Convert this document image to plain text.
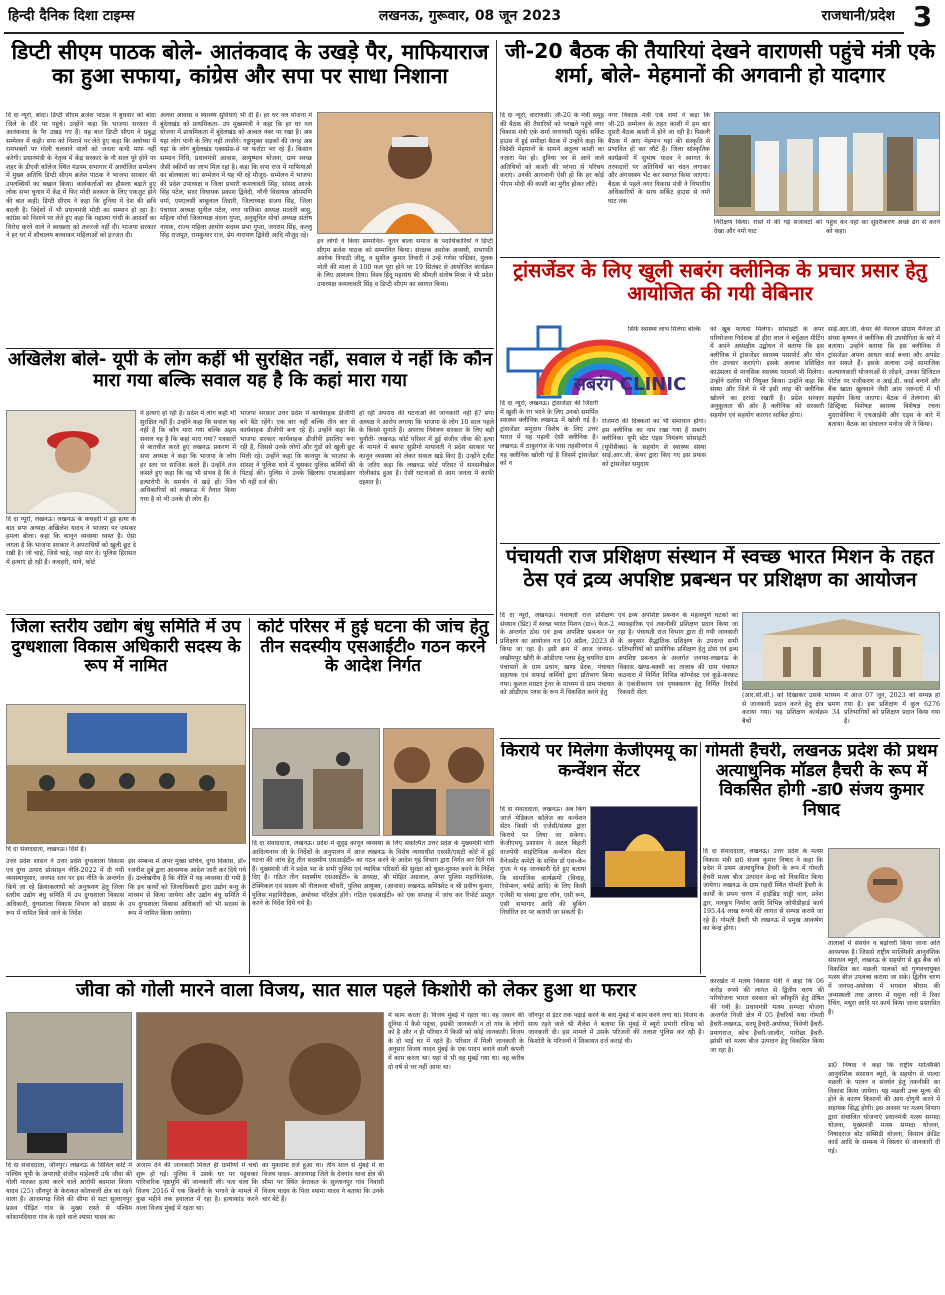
हिन्दी दैनिक दिशा टाइम्स	लखनऊ, गुरूवार, 08 जून 2023	राजधानी/प्रदेश 3
डिप्टी सीएम पाठक बोले- आतंकवाद के उखड़े पैर, माफियाराज का हुआ सफाया, कांग्रेस और सपा पर साधा निशाना
दि दा न्यूरो, बांदा। डिप्टी सीएम ब्रजेश पाठक ने बुधवार को बांदा जिले के दौरे पर पहुंचे। उन्होंने कहा कि भाजपा सरकार में आतंकवाद के पैर उखड़ गए हैं। यह बात डिप्टी सीएम ने प्रबुद्ध सम्मेलन में कही। सपा को निशाने पर लेते हुए कहा कि अयोध्या में रामभक्तों पर गोली चलवाने वालों को जनता कभी माफ नहीं करेगी। प्रधानमंत्री के नेतृत्व में केंद्र सरकार के नौ साल पूरे होने पर शहर के डीएवी कॉलेज स्थित मंडपम सभागार में आयोजित सम्मेलन में मुख्य अतिथि डिप्टी सीएम ब्रजेश पाठक ने भाजपा सरकार की उपलब्धियों का बखान किया। कार्यकर्ताओं का हौसला बढ़ाते हुए लोक सभा चुनाव में केंद्र में फिर मोदी सरकार के लिए एकजुट होने की बात कही। डिप्टी सीएम ने कहा कि दुनिया में देश की छवि बदली है। विदेशों में भी प्रधानमंत्री मोदी का सम्मान हो रहा है। कांग्रेस को निशाने पर लेते हुए कहा कि महात्मा गांधी के आदर्शों का विरोध करने वाले ने स्वच्छता को तवज्जो नहीं दी। भाजपा सरकार ने हर घर में शौचालय बनवाकर महिलाओं को इज्जत दी।
अलवा आवास व स्वास्थ्य सुविधाएं भी दी हैं। हर घर नल योजना में बुंदेलखंड को प्राथमिकता- उप मुख्यमंत्री ने कहा कि हर घर नल योजना में प्राथमिकता में बुंदेलखंड को अव्वल नंबर पर रखा है। अब यहां लोग पानी के लिए नहीं तरसेंगे। गड्ढामुक्त सड़कों की जगह अब यहां के लोग बुंदेलखंड एक्सप्रेस-वे पर फर्राटा भर रहे हैं। किसान सम्मान निधि, प्रधानमंत्री आवास, आयुष्मान योजना, ग्राम स्वच्छ जैसी स्कीमों का लाभ मिल रहा है। कहा कि सपा राज में माफियाओं का बोलबाला था। सम्मेलन में यह भी रहे मौजूद- सम्मेलन में भाजपा की प्रदेश उपाध्यक्ष व जिला प्रभारी कमलावती सिंह, सांसद आरके सिंह पटेल, सदर विधायक प्रकाश द्विवेदी, नरैनी विधायक ओममणि वर्मा, एमएलसी बाबूलाल तिवारी, जिलाध्यक्ष संजय सिंह, जिला पंचायत अध्यक्ष सुनील पटेल, नगर पालिका अध्यक्ष मालती बासु, महिला मोर्चा जिलाध्यक्ष वंदना गुप्ता, अनुसूचित मोर्चा अध्यक्ष संतोष नायक, राज्य महिला आयोग सदस्य प्रभा गुप्ता, जगराम सिंह, कल्लू सिंह राजपूत, रामकुमार राज, प्रेम नारायण द्विवेदी आदि मौजूद रहे।
इन लोगों ने किया सम्मानित- नूतन बाला समाज के पदाधिकारियों ने डिप्टी सीएम ब्रजेश पाठक को सम्मानित किया। संरक्षक अशोक अवस्थी, सभापति अशोक त्रिपाठी जीतू, व सुशील कुमार तिवारी ने उन्हें गणेश पद्मिका, पुलक मोती की माला से 100 फल पूरा होने पर 19 सितंबर से आयोजित कार्यक्रम के लिए आमंत्रण दिया। विश्व हिंदू महासंघ की श्रीमती संतोष मिश्रा ने भी प्रदेश उपाध्यक्ष कमलावती सिंह व डिप्टी सीएम का स्वागत किया।
जी-20 बैठक की तैयारियां देखने वाराणसी पहुंचे मंत्री एके शर्मा, बोले- मेहमानों की अगवानी हो यादगार
दि दा न्यूरो, वाराणसी। जी-20 के मंत्री समूह की बैठक की तैयारियों को परखने पहुंचे नगर विकास मंत्री एके शर्मा वाराणसी पहुंचे। सर्किट हाउस में हुई समीक्षा बैठक में उन्होंने कहा कि विदेशी मेहमानों के सामने अतुल्य काशी का नज़ारा पेश हो। दुनिया भर से आने वाले अतिथियों को काशी की परंपरा से परिचय कराएं। उनकी आगवानी ऐसी हो कि हर कोई पीएम मोदी की काशी का मुरीद होकर लौटे।
नगर विकास मंत्री एके शर्मा ने कहा कि जी-20 सम्मेलन के तहत काशी में हम बार दूसरी बैठक काशी में होने जा रही है। पिछली बैठक में आए मेहमान यहां की संस्कृति से प्रभावित हो कर लौटे हैं। जिला सांस्कृतिक कार्यक्रमों में सुभाष यादव ने स्वागत के तरफदारों पर अतिथियों का चंदन लगाकर और अंगवस्त्रम भेंट कर स्वागत किया जाएगा। बैठक से पहले नगर विकास मंत्री ने विभागीय अधिकारियों के साथ सर्किट हाउस से नमो घाट तक
निरीक्षण किया। रास्ते में की गई सजावटों को देखा और नमो घाट
पहुंच कर वहां का सुंदरीकरण अच्छे ढंग से करने को कहा।
ट्रांसजेंडर के लिए खुली सबरंग क्लीनिक के प्रचार प्रसार हेतु आयोजित की गयी वेबिनार
सबरंग CLINIC
सिर्फ स्वास्थ्य लाभ मिलेगा बल्कि
दि दा न्यूरो, लखनऊ। ट्रांसजेंडर की जिंदगी में खुशी के रंग भरने के लिए उनको समर्पित स्वास्थ्य क्लीनिक लखनऊ में खोली गई है। ट्रांसजेंडर समुदाय विशेष के लिए उत्तर भारत में यह पहली ऐसी क्लीनिक है। लखनऊ में ठाकुरगंज के पास तहसीनगंज में यह क्लीनिक खोली गई है जिसमें ट्रांसजेंडर को न
रोजमर्रा की दिक्कतों का भी समाधान होगा। इस क्लीनिक का नाम रखा गया है सबरंग क्लीनिक। यूपी स्टेट एड्स नियंत्रण सोसाइटी (यूपीसैक्स) के सहयोग से स्वास्थ्य संस्था साई.आर.जी. केयर द्वारा किए गए इस प्रयास को ट्रांसजेंडर समुदाय
को खूब फायदा मिलेगा। सोसाइटी के अपर परियोजना निदेशक डॉ हीरा लाल ने बर्चुअल मीटिंग में अपने अध्यक्षीय उद्बोधन में बताया कि इस क्लीनिक में ट्रांसजेंडर स्वास्थ्य पासपोर्ट और योन रोग उपचार कराएंगे। इसके अलावा प्रशिक्षित काउंसलर से मानसिक स्वास्थ्य परामर्श भी मिलेगा। उन्होंने दर्शाया भी नियुक्त किया। उन्होंने कहा कि संस्था और जिले में भी इसी तरह की क्लीनिक खोलने का इरादा रखती है। प्रदेश सरकार अनुकूलता की ओर है क्लीनिक को सरकारी सहयोग एवं सहयोग कारगर साबित होगा।
साईं.आर.जी. केयर की नेशनल प्रोग्राम मैनेजर डॉ संध्या कृष्णन ने क्लीनिक की उपयोगिता के बारे में बताया। उन्होंने बताया कि इस क्लीनिक में ट्रांसजेंडर अपना आधार कार्ड बनवा और अपडेट कर सकते हैं। इसके अलावा उन्हें सामाजिक कल्याणकारी योजनाओं से जोड़ने, उनका डिजिटल पोर्टल पर पंजीकरण व आई.डी. कार्ड बनाने और बैंक खाता खुलवाने जैसी आम जरूरतों में भी सहयोग किया जाएगा। बैठक में तेलंगाना की डिस्ट्रिक्ट विशेषज्ञ स्वास्थ्य विशेषज्ञ रचना मुदरासेविया ने एचआईवी और एड्स के बारे में बताया। बैठक का संचालन मनोज जी ने किया।
अखिलेश बोले- यूपी के लोग कहीं भी सुरक्षित नहीं, सवाल ये नहीं कि कौन मारा गया बल्कि सवाल यह है कि कहां मारा गया
दि दा न्यूरो, लखनऊ। लखनऊ के कचहरी में हुई हत्या के बाद सपा अध्यक्ष अखिलेश यादव ने भाजपा पर जमकर हमला बोला। कहा कि कानून व्यवस्था ध्वस्त है। ऐसा लगता है कि भाजपा सरकार ने अपराधियों को खुली छूट दे रखी है। जो चाहे, जिसे चाहे, जहां मार दे। पुलिस हिरासत में हत्याएं हो रही हैं। कचहरी, थाने, कोर्ट
में हत्याएं हो रही हैं। प्रदेश में लोग कहीं भी सुरक्षित नहीं हैं। उन्होंने कहा कि सवाल यह नहीं है कि कौन मारा गया बल्कि अहम सवाल यह है कि कहां मारा गया? पत्रकारों से बातचीत करते हुए लखनऊ प्रकरण में सपा अध्यक्ष ने कहा कि भाजपा के लोग हर स्तर पर साजिश करते हैं। उन्होंने तंज कसते हुए कहा कि वह भी संभव है कि वे हत्यारोपी के समर्थन में खड़े हों। जिन अधिकारियों को लखनऊ में तैनात किया गया है वो भी उनके ही लोग हैं।
भाजपा सरकार उत्तर प्रदेश में कार्यवाहक डीजीपी बने बैठे रहेंगे। एक बार नहीं बल्कि तीन बार से कार्यवाहक डीजीपी बना रहे हैं। उन्होंने कहा कि भाजपा सरकार कार्यवाहक डीजीपी इसलिए बना रही है, जिससे उनके लोगों और गुंडों को खुली छूट मिली रहे। उन्होंने कहा कि कानपुर के भाजपा के सांसद ने पुलिस थाने में घुसकर पुलिस कर्मियों की पिटाई की। पुलिस ने उनके खिलाफ एफआईआर भी नहीं दर्ज की।
हो रही अपराध की घटनाओं की जानकारी नहीं है? सपा अध्यक्ष ने आरोप लगाया कि भाजपा के लोग 10 साल पहले के किस्से सुनाते हैं। अपराध नियंत्रण सरकार के लिए बड़ी चुनौती- लखनऊ कोर्ट परिसर में हुई संजीव जीवा की हत्या के मामले में बसपा सुप्रीमो मायावती ने प्रदेश सरकार पर कानून व्यवस्था को लेकर सवाल खड़े किए हैं। उन्होंने ट्वीट के जरिए कहा कि लखनऊ कोर्ट परिसर में सनसनीखेज गोलीकांड हुआ है। ऐसी घटनाओं से आम जनता में काफी दहशत है।
जिला स्तरीय उद्योग बंधु समिति में उप दुग्धशाला विकास अधिकारी सदस्य के रूप में नामित
दि दा संवाददाता, लखनऊ। दिसे है।
उत्तर प्रदेश शासन ने उत्तर प्रदेश दुग्धशाला विकास एवं दुग्ध उत्पाद प्रोत्साहन नीति-2022 में दी गयी व्यवस्थानुसार, जनपद स्तर पर इस नीति के अन्तर्गत किये जा रहे क्रियाकलापों को अनुश्रवण हेतु जिला स्तरीय उद्योग बंधु समिति में उप दुग्धशाला विकास अधिकारी, दुग्धशाला विकास विभाग को सदस्य के रूप में नामित किये जाने के निर्देश
इस सम्बन्ध में अपर मुख्य सचिव, दुग्ध विकास, डॉ० रजनीश दुबे द्वारा आवश्यक आदेश जारी कर दिये गये हैं। उल्लेखनीय है कि नीति में यह व्यवस्था दी गयी है कि इन कार्यों को जिलाधिकारी द्वारा उद्योग बन्धु के माध्यम से किया जायेगा और उद्योग बंधु समिति में उप दुग्धशाला विकास अधिकारी को भी सदस्य के रूप में नामित किया जायेगा।
कोर्ट परिसर में हुई घटना की जांच हेतु तीन सदस्यीय एसआईटी० गठन करने के आदेश निर्गत
दि दा संवाददाता, लखनऊ। प्रदेश में सुदृढ़ कानून व्यवस्था के लिए संकल्पित उत्तर प्रदेश के मुख्यमंत्री योगी आदित्यनाथ जी के निर्देशों के अनुपालन में आज लखनऊ के विशेष न्यायाधीश एससी/एसटी कोर्ट में हुई घटना की जांच हेतु तीन सदस्यीय एसआईटी० का गठन करने के आदेश गृह विभाग द्वारा निर्गत कर दिये गये हैं। मुख्यमंत्री जी ने प्रदेश भर के सभी पुलिस एवं न्यायिक परिसरों की सुरक्षा को चुस्त-दुरुस्त करने के निर्देश दिए हैं। गठित तीन सदस्यीय एसआईटी० के अध्यक्ष, श्री मोहित अग्रवाल, अपर पुलिस महानिदेशक, टेक्निकल एवं सदस्य श्री नीलाब्जा चौधरी, पुलिस आयुक्त, (आवास) लखनऊ कमिश्नरेट व श्री प्रवीण कुमार, पुलिस महानिरीक्षक, अयोध्या परिक्षेत्र होंगे। गठित एसआईटी० को एक सप्ताह में जांच कर रिपोर्ट प्रस्तुत करने के निर्देश दिये गये हैं।
पंचायती राज प्रशिक्षण संस्थान में स्वच्छ भारत मिशन के तहत ठेस एवं द्रव्य अपशिष्ट प्रबन्धन पर प्रशिक्षण का आयोजन
दि दा न्यूरो, लखनऊ। पंचायती राज प्रशिक्षण संस्थान (प्रिट) में स्वच्छ भारत मिशन (ग्रा०) फेज-2 के अन्तर्गत ठोस एवं द्रव्य अपशिष्ट प्रबन्धन पर प्रशिक्षण का आयोजन गत 10 अप्रैल, 2023 से किया जा रहा है। इसी क्रम में आज जनपद-लखीमपुर खीरी के ओडीएफ प्लस हेतु चयनित ग्राम पंचायतों के ग्राम प्रधान, खण्ड प्रेरक, पंचायत सहायक एवं सफाई कर्मियों द्वारा प्रतिभाग किया गया। कुशल मास्टर ट्रेनर के माध्यम से ग्राम पंचायत को ओडीएफ प्लस के रूप में विकसित करने हेतु
एवं द्रव्य अपशिष्ट प्रबन्धन के महत्वपूर्ण घटकों का व्यावहारिक एवं तकनीकी प्रशिक्षण प्रदान किया जा रहा है। पंचायती राज विभाग द्वारा दी गयी जानकारी के अनुसार सैद्धांतिक प्रशिक्षण के उपरान्त सभी प्रतिभागियों को प्रायोगिक प्रशिक्षण हेतु ठोस एवं द्रव्य अपशिष्ट प्रबन्धन के अन्तर्गत जनपद-लखनऊ के विकास खण्ड-बक्शी का तालाब की ग्राम पंचायत कठवारा में निर्मित विभिन्न कॉम्पोस्ट एवं कूड़े-करकट के एकत्रीकरण एवं पृथक्करण हेतु निर्मित रिसोर्स रिकवरी सेंटर	(आर.सी.सी.) को दिखाकर उसके माध्यम से जानकारी प्रदान करने हेतु क्षेत्र भ्रमण कराया गया। यह प्रशिक्षण कार्यक्रम 34 बैचों
में आज 07 जून, 2023 को सम्पन्न हो गया है। इस प्रशिक्षण में कुल 6276 प्रतिभागियों को प्रशिक्षण प्रदान किया गया है।
किराये पर मिलेगा केजीएमयू का कन्वेंशन सेंटर
दि दा संवाददाता, लखनऊ। अब किंग जार्ज मेडिकल कॉलेज का कन्वेंशन सेंटर किसी भी एजेंसी/संस्था द्वारा किराये पर लिया जा सकेगा। केजीएमयू प्रशासन ने अटल बिहारी वाजपेयी साइंटिफिक कन्वेंशन सेंटर मैनेजमेंट कमेटी के सचिव डॉ एस०के० गुप्ता ने यह जानकारी देते हुए बताया कि सामाजिक कार्यक्रमों (विवाह, रिसेप्शन, बर्थडे आदि) के लिए किसी एजेंसी या संस्था द्वारा लॉन, एसी रूम, एसी सभागार आदि की बुकिंग निर्धारित दर पर करायी जा सकती है।
गोमती हैचरी, लखनऊ प्रदेश की प्रथम अत्याधुनिक मॉडल हैचरी के रूप में विकसित होगी -डा0 संजय कुमार निषाद
दि दा संवाददाता, लखनऊ। उत्तर प्रदेश के मत्स्य विकास मंत्री डा0 संजय कुमार निषाद ने कहा कि प्रदेश में प्रथम अत्याधुनिक हैचरी के रूप में गोमती हैचरी मत्स्य बीज उत्पादन केन्द्र को विकसित किया जायेगा। लखनऊ के ग्राम गहदौ स्थित गोमती हैचरी के कार्यों के प्रथम चरण में हाईब्रिड वाड्डी वाल, प्रवेश द्वार, नलकूप निर्माण आदि विभिन्न ओपीडीहार्ड कार्य 195.44 लाख रूपये की लागत से सम्पन्न कराये जा रहे हैं। गोमती हैचरी भी लखनऊ में प्रमुख आकर्षण का केन्द्र होगा।
जीवा को गोली मारने वाला विजय, सात साल पहले किशोरी को लेकर हुआ था फरार
दि दा संवाददाता, जौनपुर। लखनऊ के सिविल कोर्ट में पश्चिम यूपी के अपराधी संजीव माहेश्वरी उर्फ जीवा की गोली मारकर हत्या करने वाले आरोपी बदमाश विजय यादव (25) जौनपुर के केराकत कोतवाली क्षेत्र का रहने वाला है। आजमगढ़ जिले की सीमा से सटा सुल्तानपुर प्रसव पीड़ित गांव के मुख्य रास्ते से पश्चिम कोशामदियारा गांव के रहने वाले श्यामा यादव का
अंजाम देने की जानकारी मिलते ही ग्रामीणों में चर्चा शुरू हो गई। पुलिस ने उसके घर पर पहुंचकर पारिवारिक पृष्ठभूमि की जानकारी ली। पता चला कि विजय 2016 में एक किशोरी के भगाने के मामले में कुछ महीने तक हवालात में रहा है। हत्याकांड करने वाला विजय मुंबई में रहता था।
का मुकदमा दर्ज हुआ था। तीन साल से मुंबई में था विजय यादव- आजमगढ़ जिले के देवगांव थाना क्षेत्र की सीमा पर स्थित केराकत के सुल्तानपुर गांव निवासी विजय यादव के पिता श्यामा यादव ने बताया कि उनके चार बेटे हैं।
में काम करता है। विजय मुंबई में रहता था। वह जवान की दुनिया में कैसे पहुंचा, इसकी जानकारी न तो गांव के लोगों को है और न ही परिवार में किसी को कोई जानकारी। विजय के दो भाई घर में रहते हैं। परिवार में मिली जानकारी के अनुसार विजय यादव मुंबई के एक पादप बनाने वाली कंपनी में काम करता था। यहां से भी वह मुंबई गया था। वह करीब दो वर्ष से घर नहीं आया था।
जौनपुर से इंटर तक पढ़ाई करने के बाद मुंबई में काम करने लगा था। विजय के साथ रहने वाले श्री शैलेश ने बताया कि मुंबई में ब्यूरो प्रभारी रविन्द्र को जानकारी दी। इस मामले में उसके परिजनों की तलाश पुलिस कर रही है। किशोरी के परिजनों ने शिकायत दर्ज कराई थी।
तालाबों में संवर्धन व बढ़ोत्तरी किया जाना अति आवश्यक है। जिससे राष्ट्रीय मात्स्यिकी आनुवंशिक संसाधन ब्यूरो, लखनऊ के सहयोग से ब्रूड बैंक को विकसित कर मछली पालकों को गुणवत्तायुक्त मत्स्य बीज उपलब्ध कराया जा सके। द्वितीय चरण में जनपद-अयोध्या में भगवान श्रीराम की जन्मस्थली तथा आगरा में यमुना नदी में रिवर रैंचिंग, मथुरा आदि पर कार्य किया जाना प्रस्तावित है।
कारखेत में मत्स्य विकास मंत्री ने कहा कि 06 करोड़ रुपये की लागत से द्वितीय चरण की परियोजना भारत सरकार को स्वीकृति हेतु प्रेषित की गयी है। प्रधानमंत्री मत्स्य सम्पदा योजना अन्तर्गत निजी क्षेत्र में 05 हैचरियों यथा गोमती हैचरी-लखनऊ, सरयू हैचरी-अयोध्या, त्रिवेणी हैचरी-प्रयागराज, कोच हैचरी-जालौन, पारीछा हैचरी-झांसी को मत्स्य बीज उत्पादन हेतु विकसित किया जा रहा है।
डा0 निषाद ने कहा कि राष्ट्रीय मात्स्यिकी आनुवंशिक संसाधन ब्यूरो, के सहयोग से पाल्दा मछली के पालन व संवर्धन हेतु तकनीकी का विकास किया जायेगा। यह मछली उच्च मूल्य की होने के कारण किसानों की आय दोगुनी करने में सहायक सिद्ध होगी। इस अवसर पर मत्स्य विभाग द्वारा संचालित योजनाएं प्रधानमंत्री मत्स्य सम्पदा योजना, मुख्यमंत्री मत्स्य सम्पदा योजना, निषादराज बोट सब्सिडी योजना, किसान क्रेडिट कार्ड आदि के सम्बन्ध में विस्तार से जानकारी दी गई।
